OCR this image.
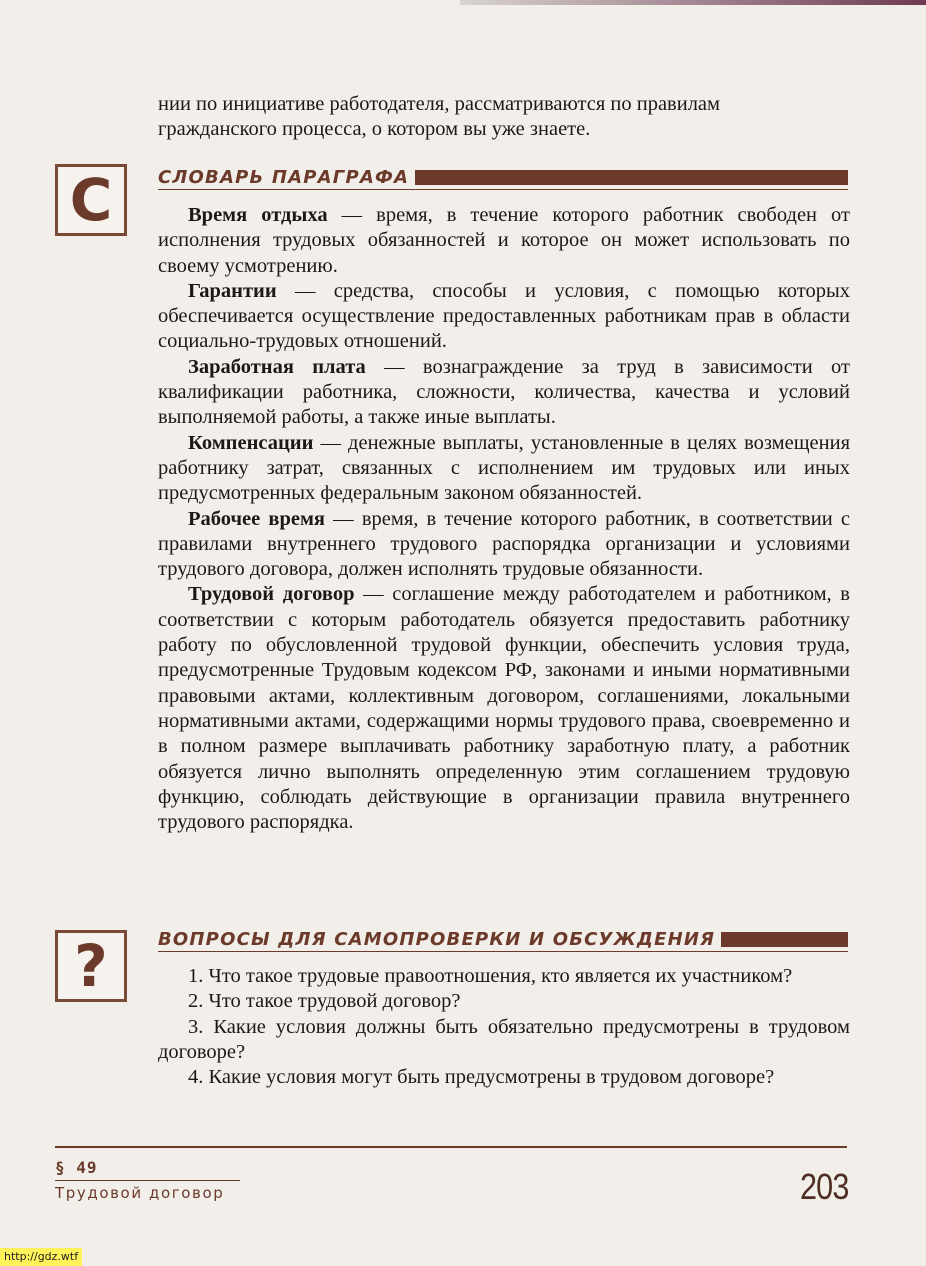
нии по инициативе работодателя, рассматриваются по правилам

гражданского процесса, о котором вы уже знаете.

С	СЛОВАРЬ ПАРАГРАФА

Время отдыха — время, в течение которого работник свободен от исполнения трудовых обязанностей и которое он может использовать по своему усмотрению.

Гарантии — средства, способы и условия, с помощью которых обеспечивается осуществление предоставленных работникам прав в области социально-трудовых отношений.

Заработная плата — вознаграждение за труд в зависимости от квалификации работника, сложности, количества, качества и условий выполняемой работы, а также иные выплаты.

Компенсации — денежные выплаты, установленные в целях возмещения работнику затрат, связанных с исполнением им трудовых или иных предусмотренных федеральным законом обязанностей.

Рабочее время — время, в течение которого работник, в соответствии с правилами внутреннего трудового распорядка организации и условиями трудового договора, должен исполнять трудовые обязанности.

Трудовой договор — соглашение между работодателем и работником, в соответствии с которым работодатель обязуется предоставить работнику работу по обусловленной трудовой функции, обеспечить условия труда, предусмотренные Трудовым кодексом РФ, законами и иными нормативными правовыми актами, коллективным договором, соглашениями, локальными нормативными актами, содержащими нормы трудового права, своевременно и в полном размере выплачивать работнику заработную плату, а работник обязуется лично выполнять определенную этим соглашением трудовую функцию, соблюдать действующие в организации правила внутреннего трудового распорядка.

?	ВОПРОСЫ ДЛЯ САМОПРОВЕРКИ И ОБСУЖДЕНИЯ

1. Что такое трудовые правоотношения, кто является их участником?

2. Что такое трудовой договор?

3. Какие условия должны быть обязательно предусмотрены в трудовом договоре?

4. Какие условия могут быть предусмотрены в трудовом договоре?

§ 49
Трудовой договор	203
http://gdz.wtf
